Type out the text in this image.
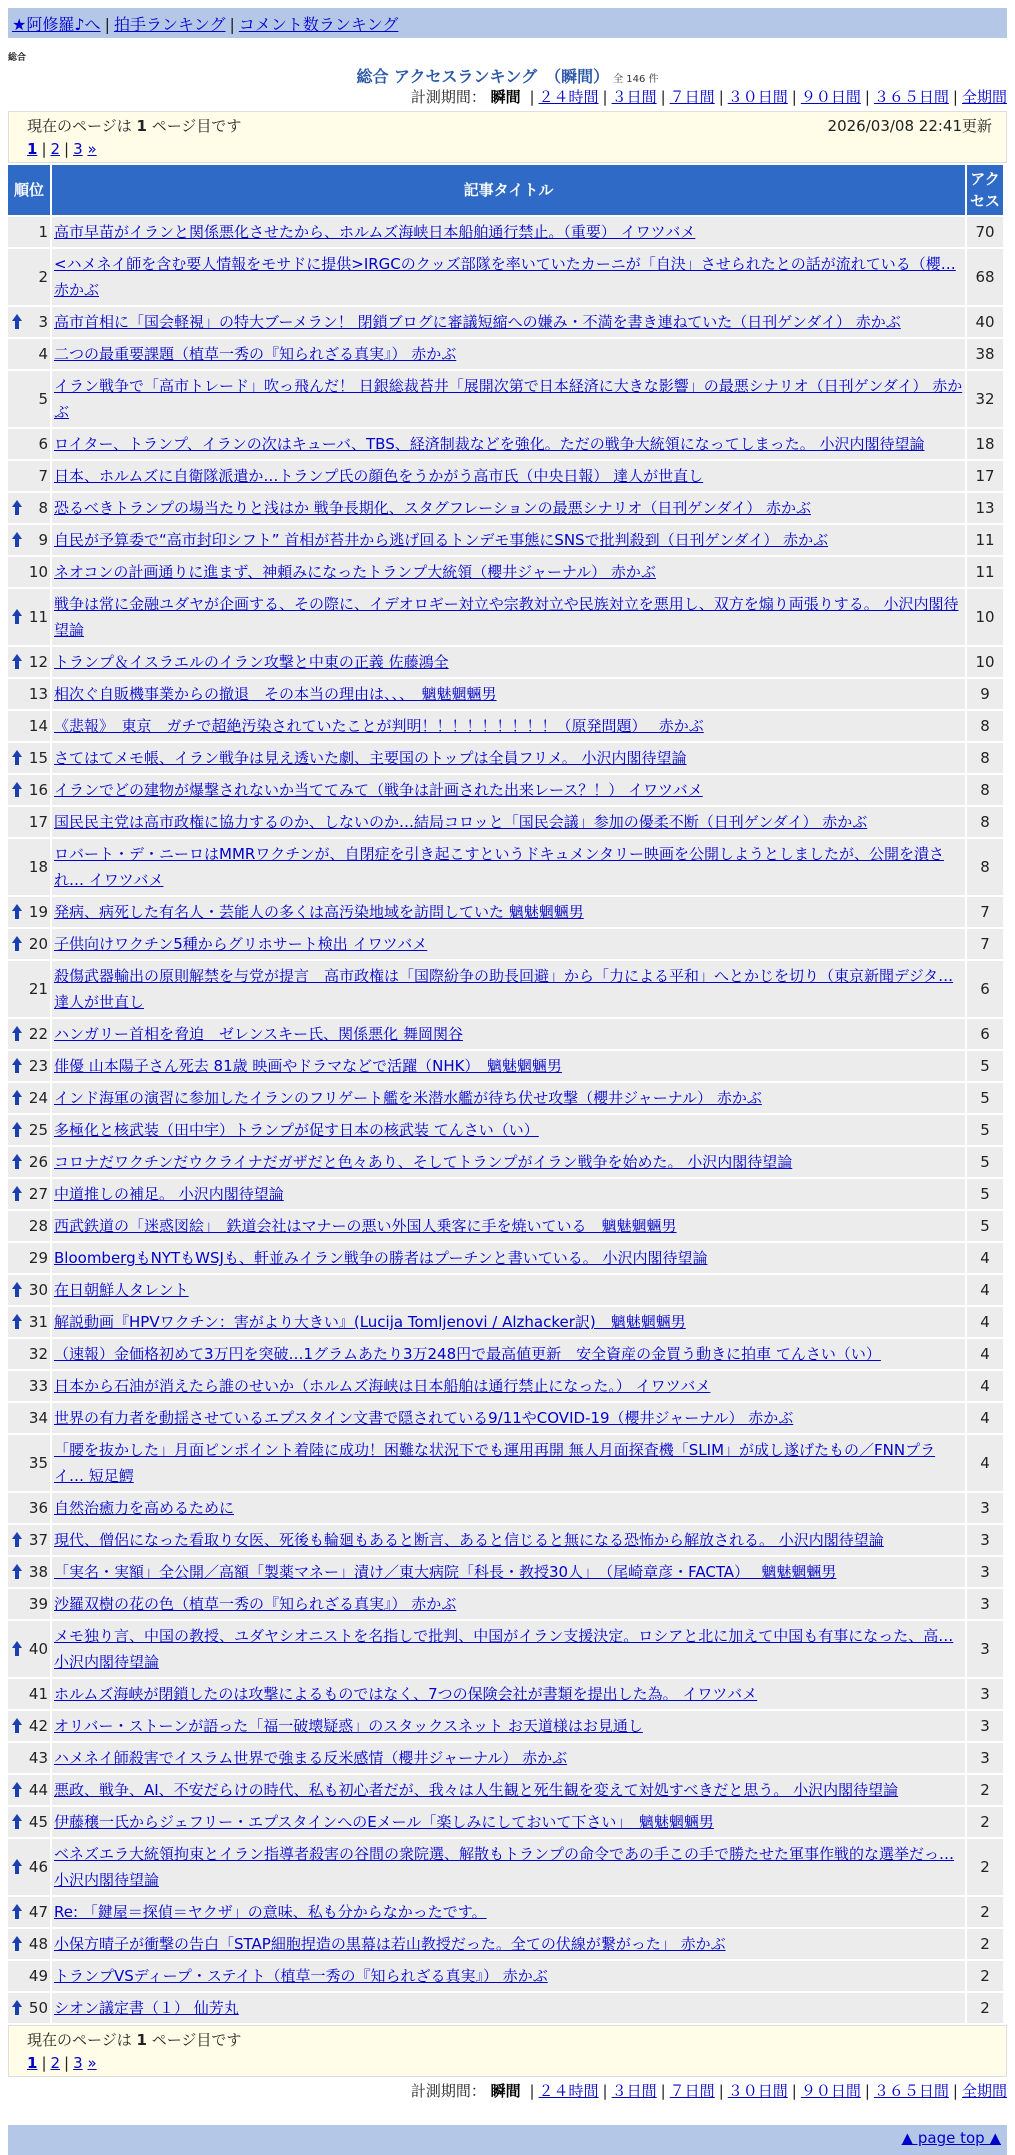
★阿修羅♪へ | 拍手ランキング | コメント数ランキング
総合
総合 アクセスランキング　（瞬間） 全 146 件
計測期間： 瞬間 | ２４時間 | ３日間 | ７日間 | ３０日間 | ９０日間 | ３６５日間 | 全期間
現在のページは 1 ページ目です	2026/03/08 22:41更新
1 | 2 | 3 »
順位	記事タイトル	アクセス
1	高市早苗がイランと関係悪化させたから、ホルムズ海峡日本船舶通行禁止。（重要） イワツバメ	70
2	<ハメネイ師を含む要人情報をモサドに提供>IRGCのクッズ部隊を率いていたカーニが「自決」させられたとの話が流れている（櫻… 赤かぶ	68

3	高市首相に「国会軽視」の特大ブーメラン！ 閉鎖ブログに審議短縮への嫌み・不満を書き連ねていた（日刊ゲンダイ） 赤かぶ	40
4	二つの最重要課題（植草一秀の『知られざる真実』） 赤かぶ	38
5	イラン戦争で「高市トレード」吹っ飛んだ！ 日銀総裁苔井「展開次第で日本経済に大きな影響」の最悪シナリオ（日刊ゲンダイ） 赤かぶ	32
6	ロイター、トランプ、イランの次はキューバ、TBS、経済制裁などを強化。ただの戦争大統領になってしまった。 小沢内閣待望論	18
7	日本、ホルムズに自衛隊派遣か…トランプ氏の顔色をうかがう高市氏（中央日報） 達人が世直し	17

8	恐るべきトランプの場当たりと浅はか 戦争長期化、スタグフレーションの最悪シナリオ（日刊ゲンダイ） 赤かぶ	13

9	自民が予算委で“高市封印シフト” 首相が苔井から逃げ回るトンデモ事態にSNSで批判殺到（日刊ゲンダイ） 赤かぶ	11
10	ネオコンの計画通りに進まず、神頼みになったトランプ大統領（櫻井ジャーナル） 赤かぶ	11

11	戦争は常に金融ユダヤが企画する、その際に、イデオロギー対立や宗教対立や民族対立を悪用し、双方を煽り両張りする。 小沢内閣待望論	10

12	トランプ＆イスラエルのイラン攻撃と中東の正義 佐藤鴻全	10
13	相次ぐ自販機事業からの撤退　その本当の理由は、、、　魑魅魍魎男	9
14	《悲報》　東京　ガチで超絶汚染されていたことが判明！！！！！！！！！（原発問題）　 赤かぶ	8

15	さてはてメモ帳、イラン戦争は見え透いた劇、主要国のトップは全員フリメ。 小沢内閣待望論	8

16	イランでどの建物が爆撃されないか当ててみて（戦争は計画された出来レース？！） イワツバメ	8
17	国民民主党は高市政権に協力するのか、しないのか…結局コロッと「国民会議」参加の優柔不断（日刊ゲンダイ） 赤かぶ	8
18	ロバート・デ・ニーロはMMRワクチンが、自閉症を引き起こすというドキュメンタリー映画を公開しようとしましたが、公開を潰され… イワツバメ	8

19	発病、病死した有名人・芸能人の多くは高汚染地域を訪問していた 魑魅魍魎男	7

20	子供向けワクチン5種からグリホサート検出 イワツバメ	7
21	殺傷武器輸出の原則解禁を与党が提言　高市政権は「国際紛争の助長回避」から「力による平和」へとかじを切り（東京新聞デジタ… 達人が世直し	6

22	ハンガリー首相を脅迫　ゼレンスキー氏、関係悪化 舞岡関谷	6

23	俳優 山本陽子さん死去 81歳 映画やドラマなどで活躍（NHK）　魑魅魍魎男	5

24	インド海軍の演習に参加したイランのフリゲート艦を米潜水艦が待ち伏せ攻撃（櫻井ジャーナル） 赤かぶ	5

25	多極化と核武装（田中宇）トランプが促す日本の核武装 てんさい（い）	5

26	コロナだワクチンだウクライナだガザだと色々あり、そしてトランプがイラン戦争を始めた。 小沢内閣待望論	5

27	中道推しの補足。 小沢内閣待望論	5
28	西武鉄道の「迷惑図絵」　鉄道会社はマナーの悪い外国人乗客に手を焼いている　魑魅魍魎男	5
29	BloombergもNYTもWSJも、軒並みイラン戦争の勝者はプーチンと書いている。 小沢内閣待望論	4

30	在日朝鮮人タレント	4

31	解説動画『HPVワクチン：害がより大きい』(Lucija Tomljenovi / Alzhacker訳)　魑魅魍魎男	4
32	（速報）金価格初めて3万円を突破…1グラムあたり3万248円で最高値更新　安全資産の金買う動きに拍車 てんさい（い）	4
33	日本から石油が消えたら誰のせいか（ホルムズ海峡は日本船舶は通行禁止になった。） イワツバメ	4
34	世界の有力者を動揺させているエプスタイン文書で隠されている9/11やCOVID-19（櫻井ジャーナル） 赤かぶ	4
35	「腰を抜かした」月面ピンポイント着陸に成功！困難な状況下でも運用再開 無人月面探査機「SLIM」が成し遂げたもの／FNNプライ… 短足鰐	4
36	自然治癒力を高めるために	3

37	現代、僧侶になった看取り女医、死後も輪廻もあると断言、あると信じると無になる恐怖から解放される。 小沢内閣待望論	3

38	「実名・実額」全公開／高額「製薬マネー」漬け／東大病院「科長・教授30人」　（尾崎章彦・FACTA）　 魑魅魍魎男	3
39	沙羅双樹の花の色（植草一秀の『知られざる真実』） 赤かぶ	3

40	メモ独り言、中国の教授、ユダヤシオニストを名指しで批判、中国がイラン支援決定。ロシアと北に加えて中国も有事になった、高… 小沢内閣待望論	3
41	ホルムズ海峡が閉鎖したのは攻撃によるものではなく、7つの保険会社が書類を提出した為。 イワツバメ	3

42	オリバー・ストーンが語った「福一破壊疑惑」のスタックスネット お天道様はお見通し	3
43	ハメネイ師殺害でイスラム世界で強まる反米感情（櫻井ジャーナル） 赤かぶ	3

44	悪政、戦争、AI、不安だらけの時代、私も初心者だが、我々は人生観と死生観を変えて対処すべきだと思う。 小沢内閣待望論	2

45	伊藤穣一氏からジェフリー・エプスタインへのEメール「楽しみにしておいて下さい」　魑魅魍魎男	2

46	ベネズエラ大統領拘束とイラン指導者殺害の谷間の衆院選、解散もトランプの命令であの手この手で勝たせた軍事作戦的な選挙だっ… 小沢内閣待望論	2

47	Re: 「鍵屋＝探偵＝ヤクザ」の意味、私も分からなかったです。	2

48	小保方晴子が衝撃の告白「STAP細胞捏造の黒幕は若山教授だった。全ての伏線が繋がった」 赤かぶ	2
49	トランプVSディープ・ステイト（植草一秀の『知られざる真実』） 赤かぶ	2

50	シオン議定書（１） 仙芳丸	2
現在のページは 1 ページ目です
1 | 2 | 3 »
計測期間： 瞬間 | ２４時間 | ３日間 | ７日間 | ３０日間 | ９０日間 | ３６５日間 | 全期間
▲ page top ▲
